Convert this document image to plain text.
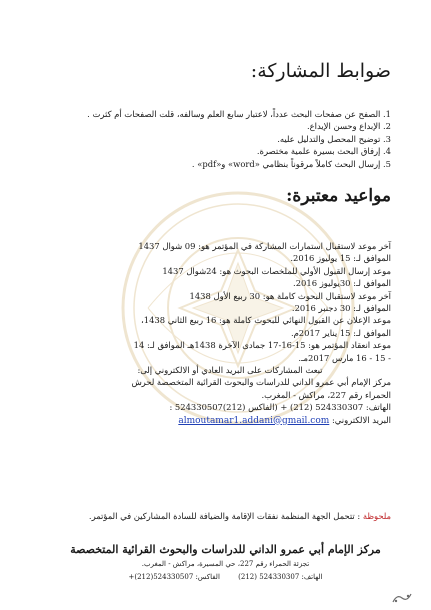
ضوابط المشاركة:
1. الصفح عن صفحات البحث عدداً، لاعتبار سابع العلم وسالفه، قلت الصفحات أم كثرت .
2. الإبداع وحسن الإيداع.
3. توضيح المحصل والتدليل عليه.
4. إرفاق البحث بسيرة علمية مختصرة.
5. إرسال البحث كاملاً مرقوناً بنظامي «word» و«pdf» .
مواعيد معتبرة:

آخر موعد لاستقبال استمارات المشاركة في المؤتمر هو: 09 شوال 1437

الموافق لـ: 15 يوليوز 2016.

موعد إرسال القبول الأولي للملخصات البحوث هو: 24شوال 1437

الموافق لـ: 30يوليوز 2016.

آخر موعد لاستقبال البحوث كاملة هو: 30 ربيع الأول 1438

الموافق لـ: 30 دجنبر 2016.

موعد الإعلان عن القبول النهائي للبحوث كاملة هو: 16 ربيع الثاني 1438،

الموافق لـ: 15 يناير 2017م.

موعد انعقاد المؤتمر هو: 15-16-17 جمادى الآخرة 1438هـ الموافق لـ: 14

- 15 - 16 مارس 2017مـ.

تبعث المشاركات على البريد العادي أو الالكتروني إلى:

مركز الإمام أبي عمرو الداني للدراسات والبحوث القرائية المتخصصة لحرش

الحمراء رقم 227، مراكش - المغرب.

الهاتف: 524330307 (212) + (الفاكس (212)524330507 :

البريد الالكتروني: almoutamar1.addani@gmail.com

ملحوظة : تتحمل الجهة المنظمة نفقات الإقامة والضيافة للسادة المشاركين في المؤتمر.

مركز الإمام أبي عمرو الداني للدراسات والبحوث القرائية المتخصصة

تجزئة الحمراء رقم 227، حي المسيرة، مراكش - المغرب.

الهاتف: 524330307 (212) الفاكس: 524330507(212)+
